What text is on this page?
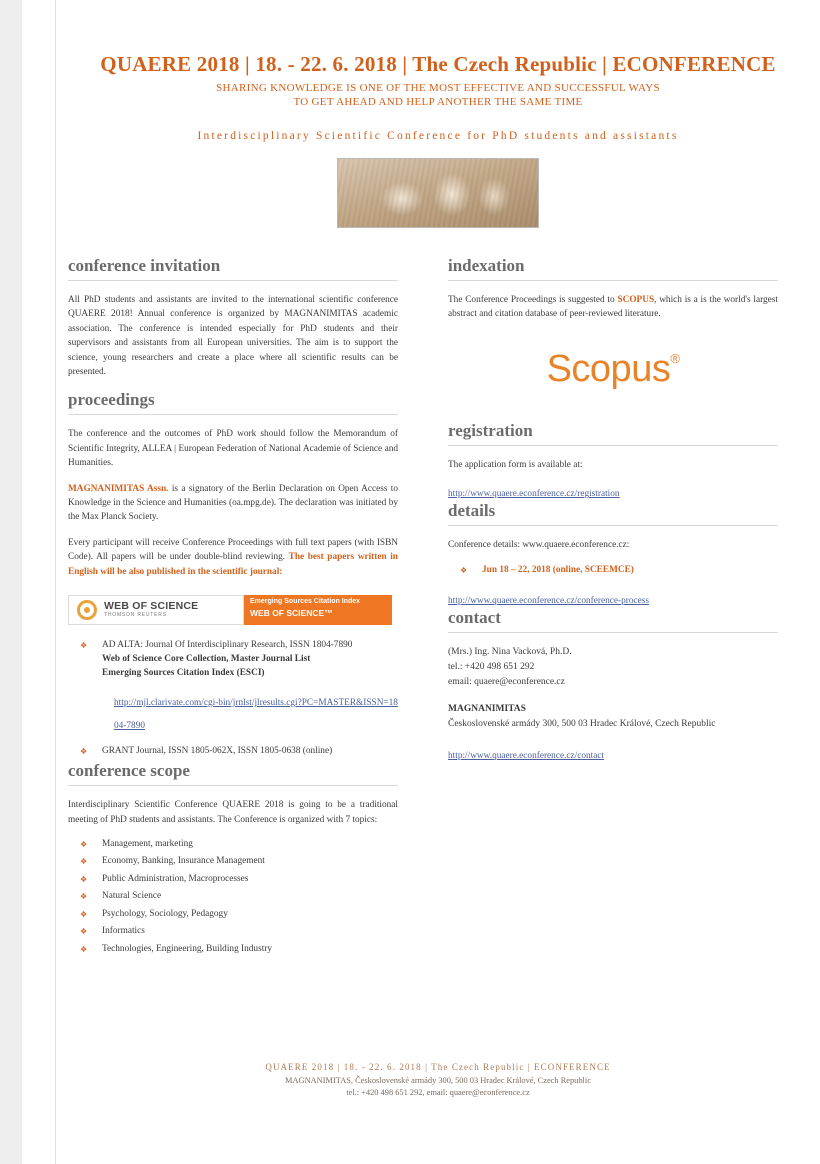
QUAERE 2018 | 18. - 22. 6. 2018 | The Czech Republic | ECONFERENCE
SHARING KNOWLEDGE IS ONE OF THE MOST EFFECTIVE AND SUCCESSFUL WAYS
TO GET AHEAD AND HELP ANOTHER THE SAME TIME
Interdisciplinary Scientific Conference for PhD students and assistants
conference invitation

All PhD students and assistants are invited to the international scientific conference QUAERE 2018! Annual conference is organized by MAGNANIMITAS academic association. The conference is intended especially for PhD students and their supervisors and assistants from all European universities. The aim is to support the science, young researchers and create a place where all scientific results can be presented.

proceedings

The conference and the outcomes of PhD work should follow the Memorandum of Scientific Integrity, ALLEA | European Federation of National Academie of Science and Humanities.

MAGNANIMITAS Assn. is a signatory of the Berlin Declaration on Open Access to Knowledge in the Science and Humanities (oa.mpg.de). The declaration was initiated by the Max Planck Society.

Every participant will receive Conference Proceedings with full text papers (with ISBN Code). All papers will be under double-blind reviewing. The best papers written in English will be also published in the scientific journal:

WEB OF SCIENCE
THOMSON REUTERS
Emerging Sources Citation Index
WEB OF SCIENCE™
❖ AD ALTA: Journal Of Interdisciplinary Research, ISSN 1804-7890
Web of Science Core Collection, Master Journal List
Emerging Sources Citation Index (ESCI)
http://mjl.clarivate.com/cgi-bin/jrnlst/jlresults.cgi?PC=MASTER&ISSN=1804-7890
❖ GRANT Journal, ISSN 1805-062X, ISSN 1805-0638 (online)
conference scope

Interdisciplinary Scientific Conference QUAERE 2018 is going to be a traditional meeting of PhD students and assistants. The Conference is organized with 7 topics:

❖ Management, marketing
❖ Economy, Banking, Insurance Management
❖ Public Administration, Macroprocesses
❖ Natural Science
❖ Psychology, Sociology, Pedagogy
❖ Informatics
❖ Technologies, Engineering, Building Industry
indexation

The Conference Proceedings is suggested to SCOPUS, which is a is the world's largest abstract and citation database of peer-reviewed literature.

Scopus®
registration

The application form is available at:

http://www.quaere.econference.cz/registration
details

Conference details: www.quaere.econference.cz:

❖ Jun 18 – 22, 2018 (online, SCEEMCE)
http://www.quaere.econference.cz/conference-process
contact
(Mrs.) Ing. Nina Vacková, Ph.D.
tel.: +420 498 651 292
email: quaere@econference.cz
MAGNANIMITAS
Československé armády 300, 500 03 Hradec Králové, Czech Republic
http://www.quaere.econference.cz/contact
QUAERE 2018 | 18. - 22. 6. 2018 | The Czech Republic | ECONFERENCE
MAGNANIMITAS, Československé armády 300, 500 03 Hradec Králové, Czech Republic
tel.: +420 498 651 292, email: quaere@econference.cz
